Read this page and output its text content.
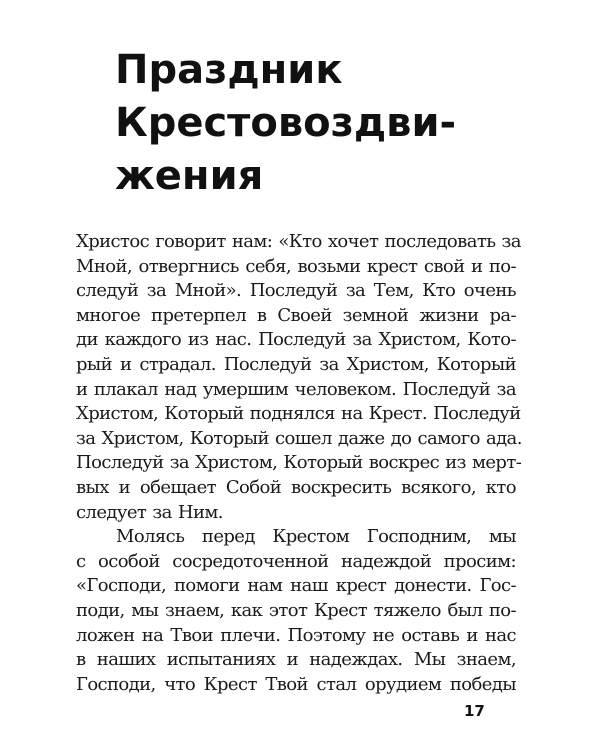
Праздник
Крестовоздви-
жения
Христос говорит нам: «Кто хочет последовать за
Мной, отвергнись себя, возьми крест свой и по-
следуй за Мной». Последуй за Тем, Кто очень
многое претерпел в Своей земной жизни ра-
ди каждого из нас. Последуй за Христом, Кото-
рый и страдал. Последуй за Христом, Который
и плакал над умершим человеком. Последуй за
Христом, Который поднялся на Крест. Последуй
за Христом, Который сошел даже до самого ада.
Последуй за Христом, Который воскрес из мерт-
вых и обещает Собой воскресить всякого, кто
следует за Ним.
Молясь перед Крестом Господним, мы
с особой сосредоточенной надеждой просим:
«Господи, помоги нам наш крест донести. Гос-
поди, мы знаем, как этот Крест тяжело был по-
ложен на Твои плечи. Поэтому не оставь и нас
в наших испытаниях и надеждах. Мы знаем,
Господи, что Крест Твой стал орудием победы
17
